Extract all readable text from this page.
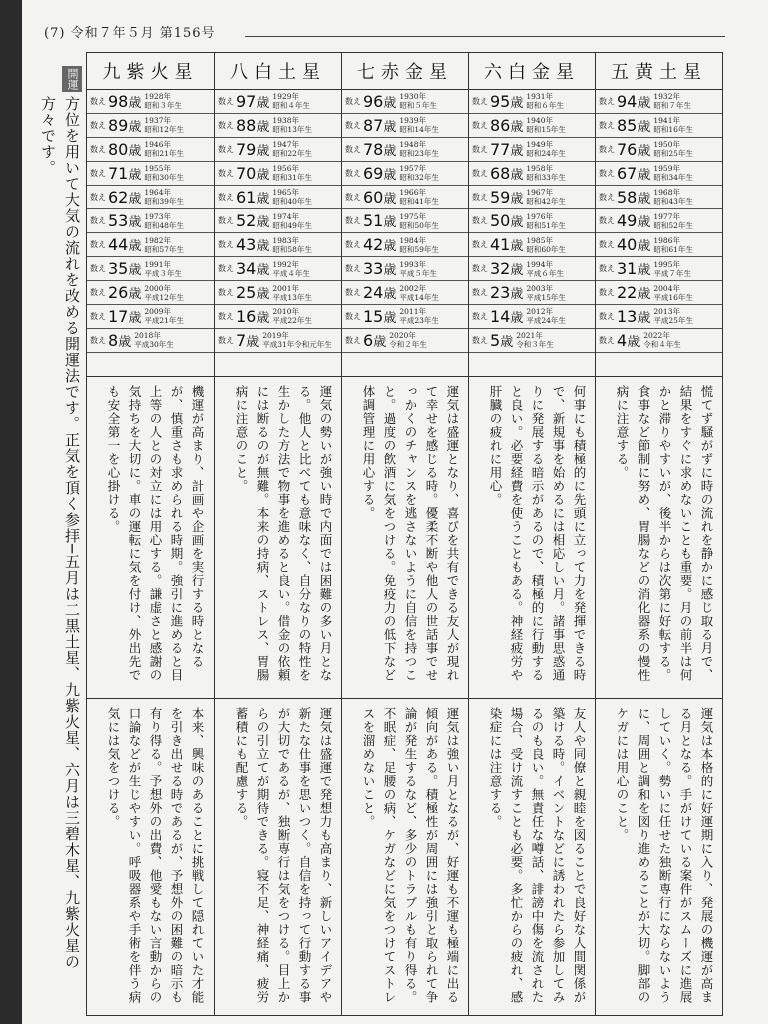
(7) 令和７年５月 第156号
開運
方位を用いて大気の流れを改める開運法です。正気を頂く参拝─五月は二黒土星、九紫火星、六月は三碧木星、九紫火星の方々です。
九紫火星
数え 98 歳 1928年
昭和３年生
数え 89 歳 1937年
昭和12年生
数え 80 歳 1946年
昭和21年生
数え 71 歳 1955年
昭和30年生
数え 62 歳 1964年
昭和39年生
数え 53 歳 1973年
昭和48年生
数え 44 歳 1982年
昭和57年生
数え 35 歳 1991年
平成３年生
数え 26 歳 2000年
平成12年生
数え 17 歳 2009年
平成21年生
数え 8 歳 2018年
平成30年生
機運が高まり、計画や企画を実行する時となるが、慎重さも求められる時期。強引に進めると目上等の人との対立には用心する。謙虚さと感謝の気持ちを大切に。車の運転に気を付け、外出先でも安全第一を心掛ける。
本来、興味のあることに挑戦して隠れていた才能を引き出せる時であるが、予想外の困難の暗示も有り得る。予想外の出費、他愛もない言動からの口論などが生じやすい。呼吸器系や手術を伴う病気には気をつける。
八白土星
数え 97 歳 1929年
昭和４年生
数え 88 歳 1938年
昭和13年生
数え 79 歳 1947年
昭和22年生
数え 70 歳 1956年
昭和31年生
数え 61 歳 1965年
昭和40年生
数え 52 歳 1974年
昭和49年生
数え 43 歳 1983年
昭和58年生
数え 34 歳 1992年
平成４年生
数え 25 歳 2001年
平成13年生
数え 16 歳 2010年
平成22年生
数え 7 歳 2019年
平成31年令和元年生
運気の勢いが強い時で内面では困難の多い月となる。他人と比べても意味なく、自分なりの特性を生かした方法で物事を進めると良い。借金の依頼には断るのが無難。本来の持病、ストレス、胃腸病に注意のこと。
運気は盛運で発想力も高まり、新しいアイデアや新たな仕事を思いつく。自信を持って行動する事が大切であるが、独断専行は気をつける。目上からの引立てが期待できる。寝不足、神経痛、疲労蓄積にも配慮する。
七赤金星
数え 96 歳 1930年
昭和５年生
数え 87 歳 1939年
昭和14年生
数え 78 歳 1948年
昭和23年生
数え 69 歳 1957年
昭和32年生
数え 60 歳 1966年
昭和41年生
数え 51 歳 1975年
昭和50年生
数え 42 歳 1984年
昭和59年生
数え 33 歳 1993年
平成５年生
数え 24 歳 2002年
平成14年生
数え 15 歳 2011年
平成23年生
数え 6 歳 2020年
令和２年生
運気は盛運となり、喜びを共有できる友人が現れて幸せを感じる時。優柔不断や他人の世話事でせっかくのチャンスを逃さないように自信を持つこと。過度の飲酒に気をつける。免疫力の低下など体調管理に用心する。
運気は強い月となるが、好運も不運も極端に出る傾向がある。積極性が周囲には強引と取られて争論が発生するなど、多少のトラブルも有り得る。不眠症、足腰の病、ケガなどに気をつけてストレスを溜めないこと。
六白金星
数え 95 歳 1931年
昭和６年生
数え 86 歳 1940年
昭和15年生
数え 77 歳 1949年
昭和24年生
数え 68 歳 1958年
昭和33年生
数え 59 歳 1967年
昭和42年生
数え 50 歳 1976年
昭和51年生
数え 41 歳 1985年
昭和60年生
数え 32 歳 1994年
平成６年生
数え 23 歳 2003年
平成15年生
数え 14 歳 2012年
平成24年生
数え 5 歳 2021年
令和３年生
何事にも積極的に先頭に立って力を発揮できる時で、新規事を始めるには相応しい月。諸事思惑通りに発展する暗示があるので、積極的に行動すると良い。必要経費を使うこともある。神経疲労や肝臓の疲れに用心。
友人や同僚と親睦を図ることで良好な人間関係が築ける時。イベントなどに誘われたら参加してみるのも良い。無責任な噂話、誹謗中傷を流された場合、受け流すことも必要。多忙からの疲れ、感染症には注意する。
五黄土星
数え 94 歳 1932年
昭和７年生
数え 85 歳 1941年
昭和16年生
数え 76 歳 1950年
昭和25年生
数え 67 歳 1959年
昭和34年生
数え 58 歳 1968年
昭和43年生
数え 49 歳 1977年
昭和52年生
数え 40 歳 1986年
昭和61年生
数え 31 歳 1995年
平成７年生
数え 22 歳 2004年
平成16年生
数え 13 歳 2013年
平成25年生
数え 4 歳 2022年
令和４年生
慌てず騒がずに時の流れを静かに感じ取る月で、結果をすぐに求めないことも重要。月の前半は何かと滞りやすいが、後半からは次第に好転する。食事など節制に努め、胃腸などの消化器系の慢性病に注意する。
運気は本格的に好運期に入り、発展の機運が高まる月となる。手がけている案件がスムーズに進展していく。勢いに任せた独断専行にならないように、周囲と調和を図り進めることが大切。脚部のケガには用心のこと。
